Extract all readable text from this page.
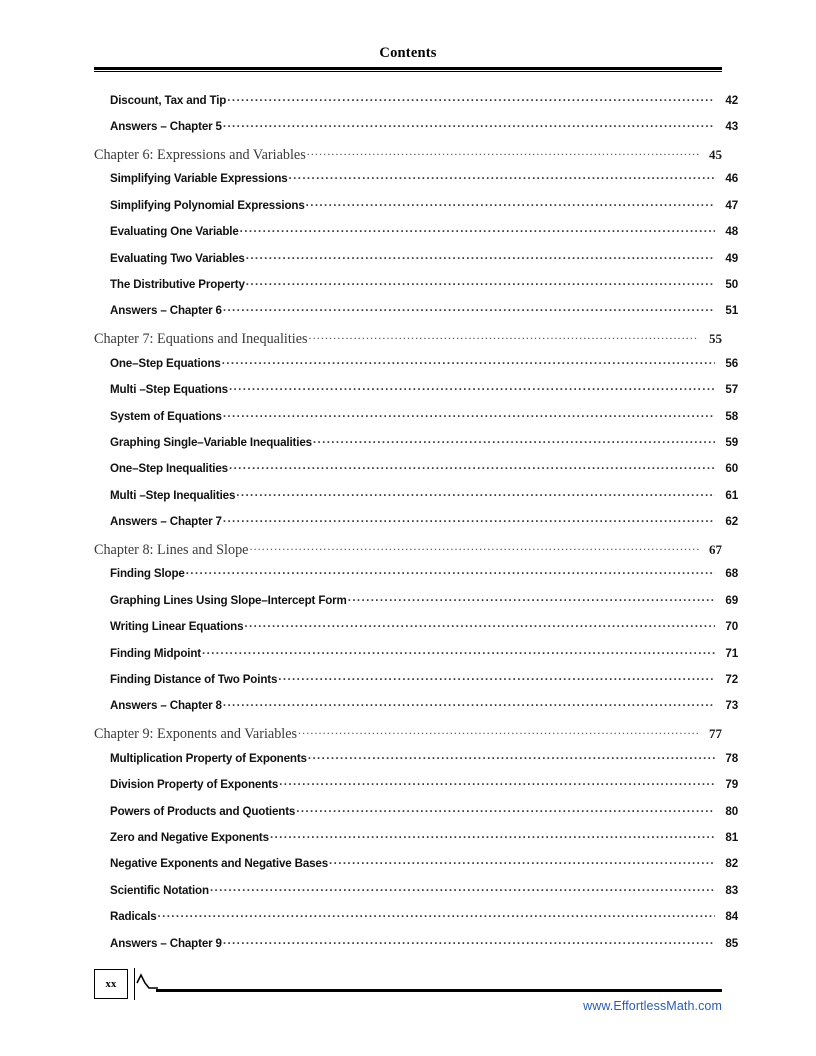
Contents
Discount, Tax and Tip .....	42
Answers – Chapter 5 .....	43
Chapter 6: Expressions and Variables .....	45
Simplifying Variable Expressions .....	46
Simplifying Polynomial Expressions .....	47
Evaluating One Variable .....	48
Evaluating Two Variables .....	49
The Distributive Property .....	50
Answers – Chapter 6 .....	51
Chapter 7: Equations and Inequalities .....	55
One–Step Equations .....	56
Multi –Step Equations .....	57
System of Equations .....	58
Graphing Single–Variable Inequalities .....	59
One–Step Inequalities .....	60
Multi –Step Inequalities .....	61
Answers – Chapter 7 .....	62
Chapter 8: Lines and Slope .....	67
Finding Slope .....	68
Graphing Lines Using Slope–Intercept Form .....	69
Writing Linear Equations .....	70
Finding Midpoint .....	71
Finding Distance of Two Points .....	72
Answers – Chapter 8 .....	73
Chapter 9: Exponents and Variables .....	77
Multiplication Property of Exponents .....	78
Division Property of Exponents .....	79
Powers of Products and Quotients .....	80
Zero and Negative Exponents .....	81
Negative Exponents and Negative Bases .....	82
Scientific Notation .....	83
Radicals .....	84
Answers – Chapter 9 .....	85
xx
www.EffortlessMath.com
